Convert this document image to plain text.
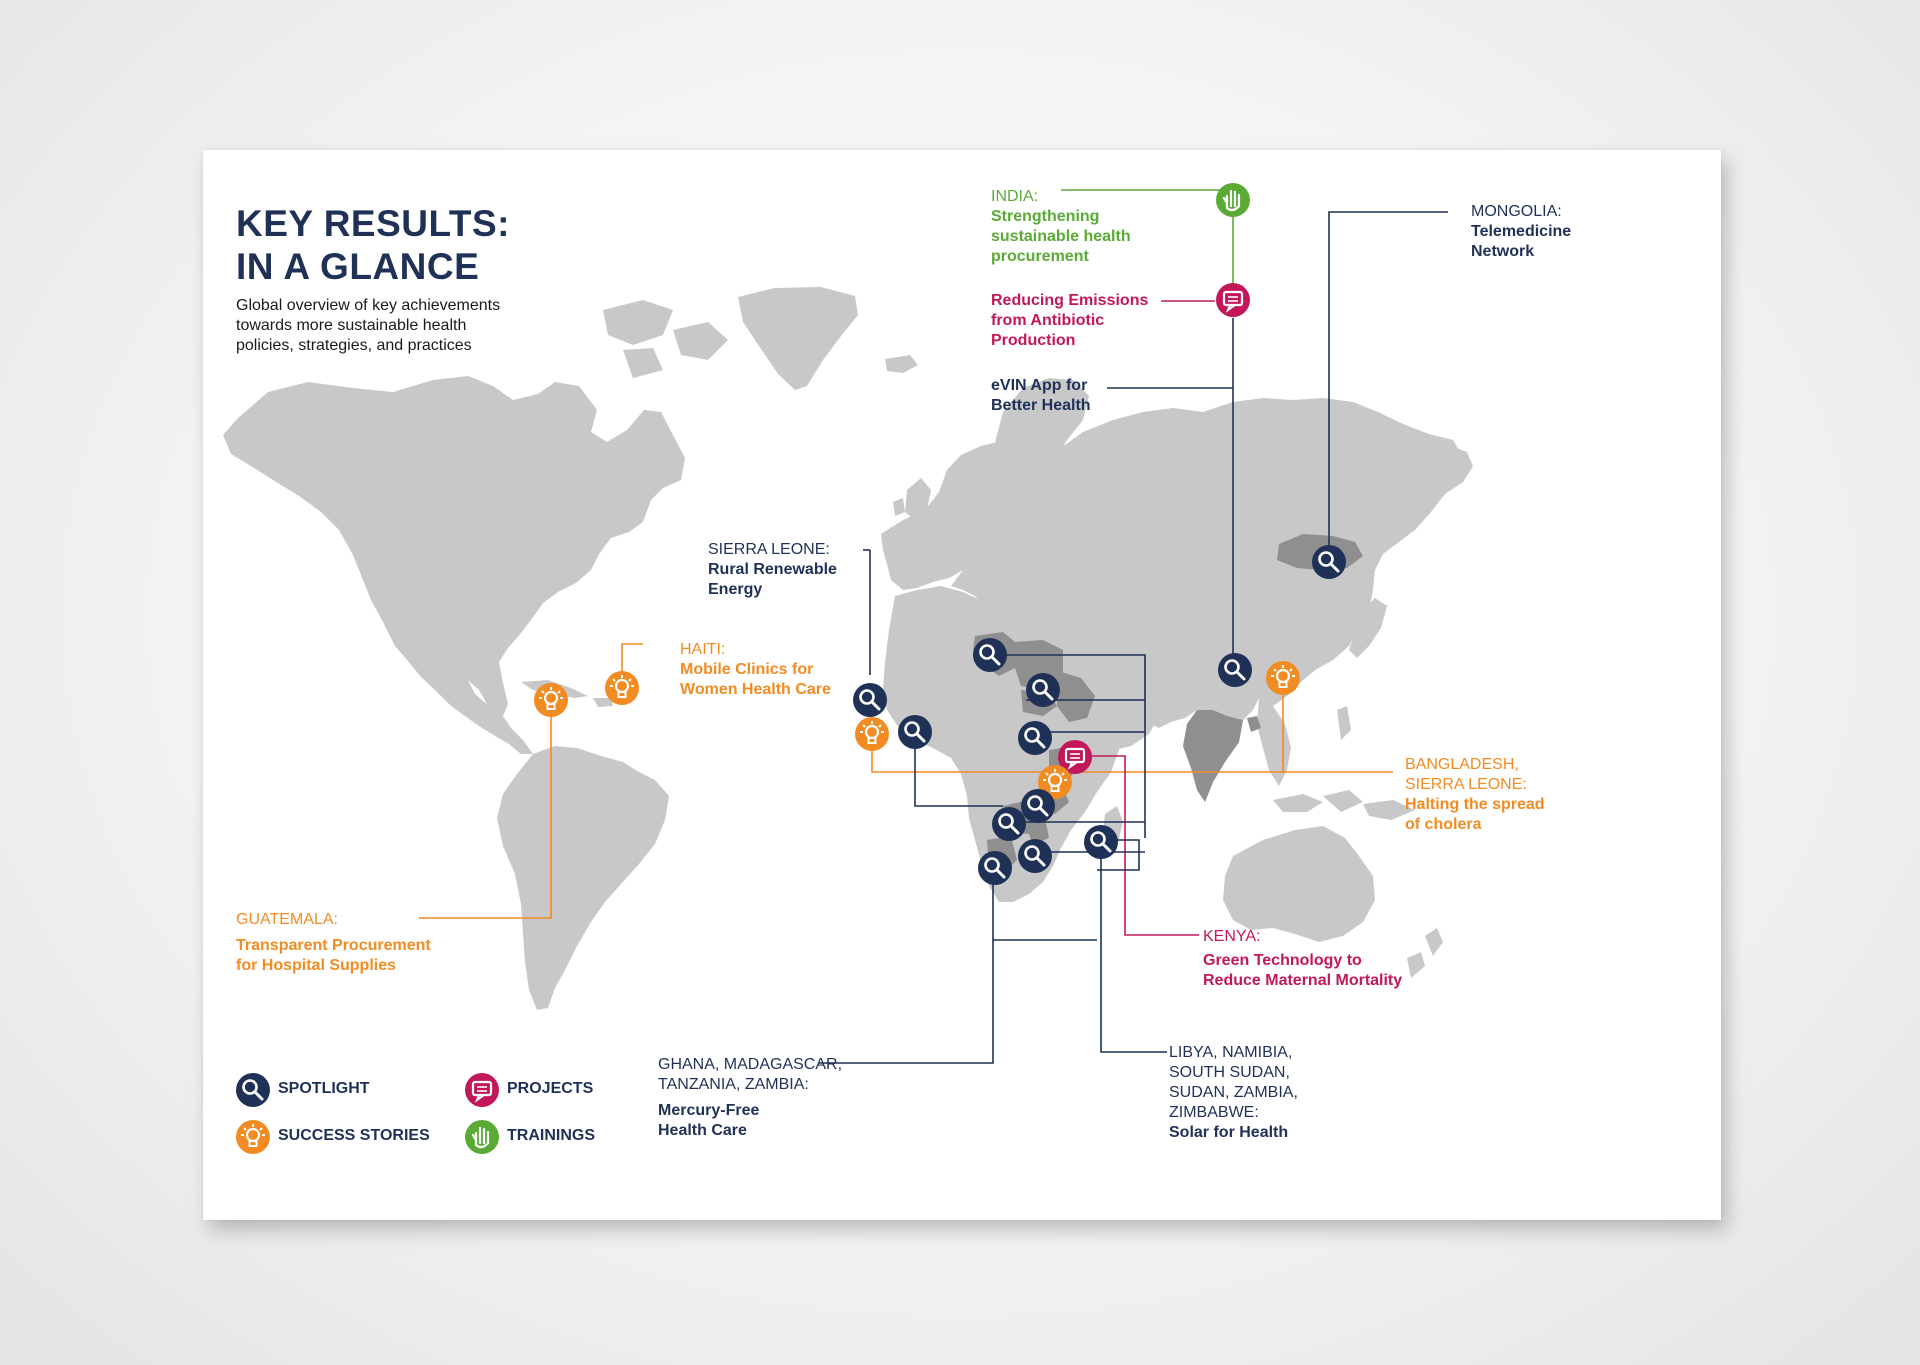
KEY RESULTS:
IN A GLANCE
Global overview of key achievements
towards more sustainable health
policies, strategies, and practices
INDIA:
Strengthening
sustainable health
procurement
Reducing Emissions
from Antibiotic
Production
eVIN App for
Better Health
MONGOLIA:
Telemedicine
Network
SIERRA LEONE:
Rural Renewable
Energy
HAITI:
Mobile Clinics for
Women Health Care
BANGLADESH,
SIERRA LEONE:
Halting the spread
of cholera
GUATEMALA:
Transparent Procurement
for Hospital Supplies
KENYA:
Green Technology to
Reduce Maternal Mortality
GHANA, MADAGASCAR,
TANZANIA, ZAMBIA:
Mercury-Free
Health Care
LIBYA, NAMIBIA,
SOUTH SUDAN,
SUDAN, ZAMBIA,
ZIMBABWE:
Solar for Health
SPOTLIGHT	PROJECTS
SUCCESS STORIES	TRAININGS
